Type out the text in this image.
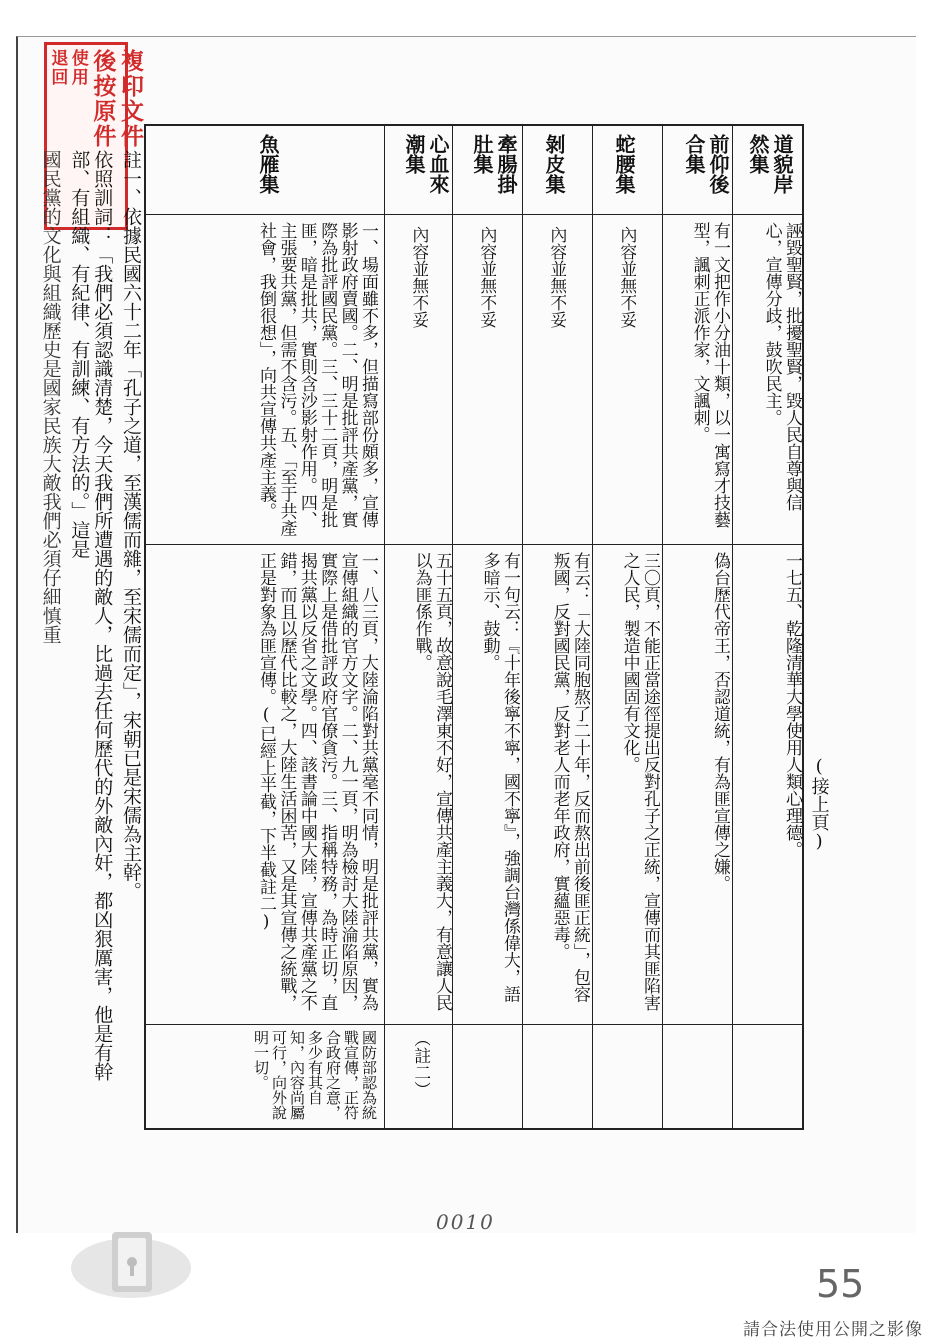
複印文件
後按原件
使用
退回
註一、依據民國六十二年「孔子之道，至漢儒而雜，至宋儒而定」，宋朝已是宋儒為主幹。
依照訓詞：「我們必須認識清楚，今天我們所遭遇的敵人，比過去任何歷代的外敵內奸，都凶狠厲害，他是有幹部、有組織、有紀律、有訓練、有方法的。」這是
國民黨的文化與組織歷史是國家民族大敵我們必須仔細慎重
(接上頁)
道貌岸然集
誣毀聖賢，批擾聖賢，毀人民自尊與信心，宣傳分歧，鼓吹民主。
一七五、乾隆清華大學使用人類心理德。
前仰後合集
有一文把作小分油十類，以一寓寫才技藝型，諷刺正派作家，文諷刺。
偽台歷代帝王，否認道統，有為匪宣傳之嫌。
蛇腰集
內容並無不妥
三〇頁，不能正當途徑提出反對孔子之正統，宣傳而其匪陷害之人民，製造中國固有文化。
剝皮集
內容並無不妥
有云：「大陸同胞熬了二十年，反而熬出前後匪正統」，包容叛國，反對國民黨，反對老人而老年政府，實蘊惡毒。
牽腸掛肚集
內容並無不妥
有一句云：『十年後寧不寧，國不寧』，強調台灣係偉大，語多暗示、鼓動。
心血來潮集
內容並無不妥
五十五頁，故意說毛澤東不好，宣傳共產主義大，有意讓人民以為匪係作戰。
（註二）
魚雁集
一、場面雖不多，但描寫部份頗多，宣傳影射政府賣國。二、明是批評共產黨，實際為批評國民黨。三、三十二頁，明是批匪，暗是批共，實則含沙影射作用。四、主張要共黨，但需不含污。五、「至于共產社會，我倒很想」，向共宣傳共產主義。
一、八三頁，大陸淪陷對共黨毫不同情，明是批評共黨，實為宣傳組織的官方文字。二、九一頁，明為檢討大陸淪陷原因，實際上是借批評政府官僚貪污。三、指稱特務，為時正切，直揭共黨以反省之文學。四、該書論中國大陸，宣傳共產黨之不錯，而且以歷代比較之，大陸生活困苦，又是其宣傳之統戰，正是對象為匪宣傳。(已經上半截，下半截註二)
國防部認為統戰宣傳，正符合政府之意，多少有其自知，內容尚屬可行，向外說明一切。
0010
55
請合法使用公開之影像
